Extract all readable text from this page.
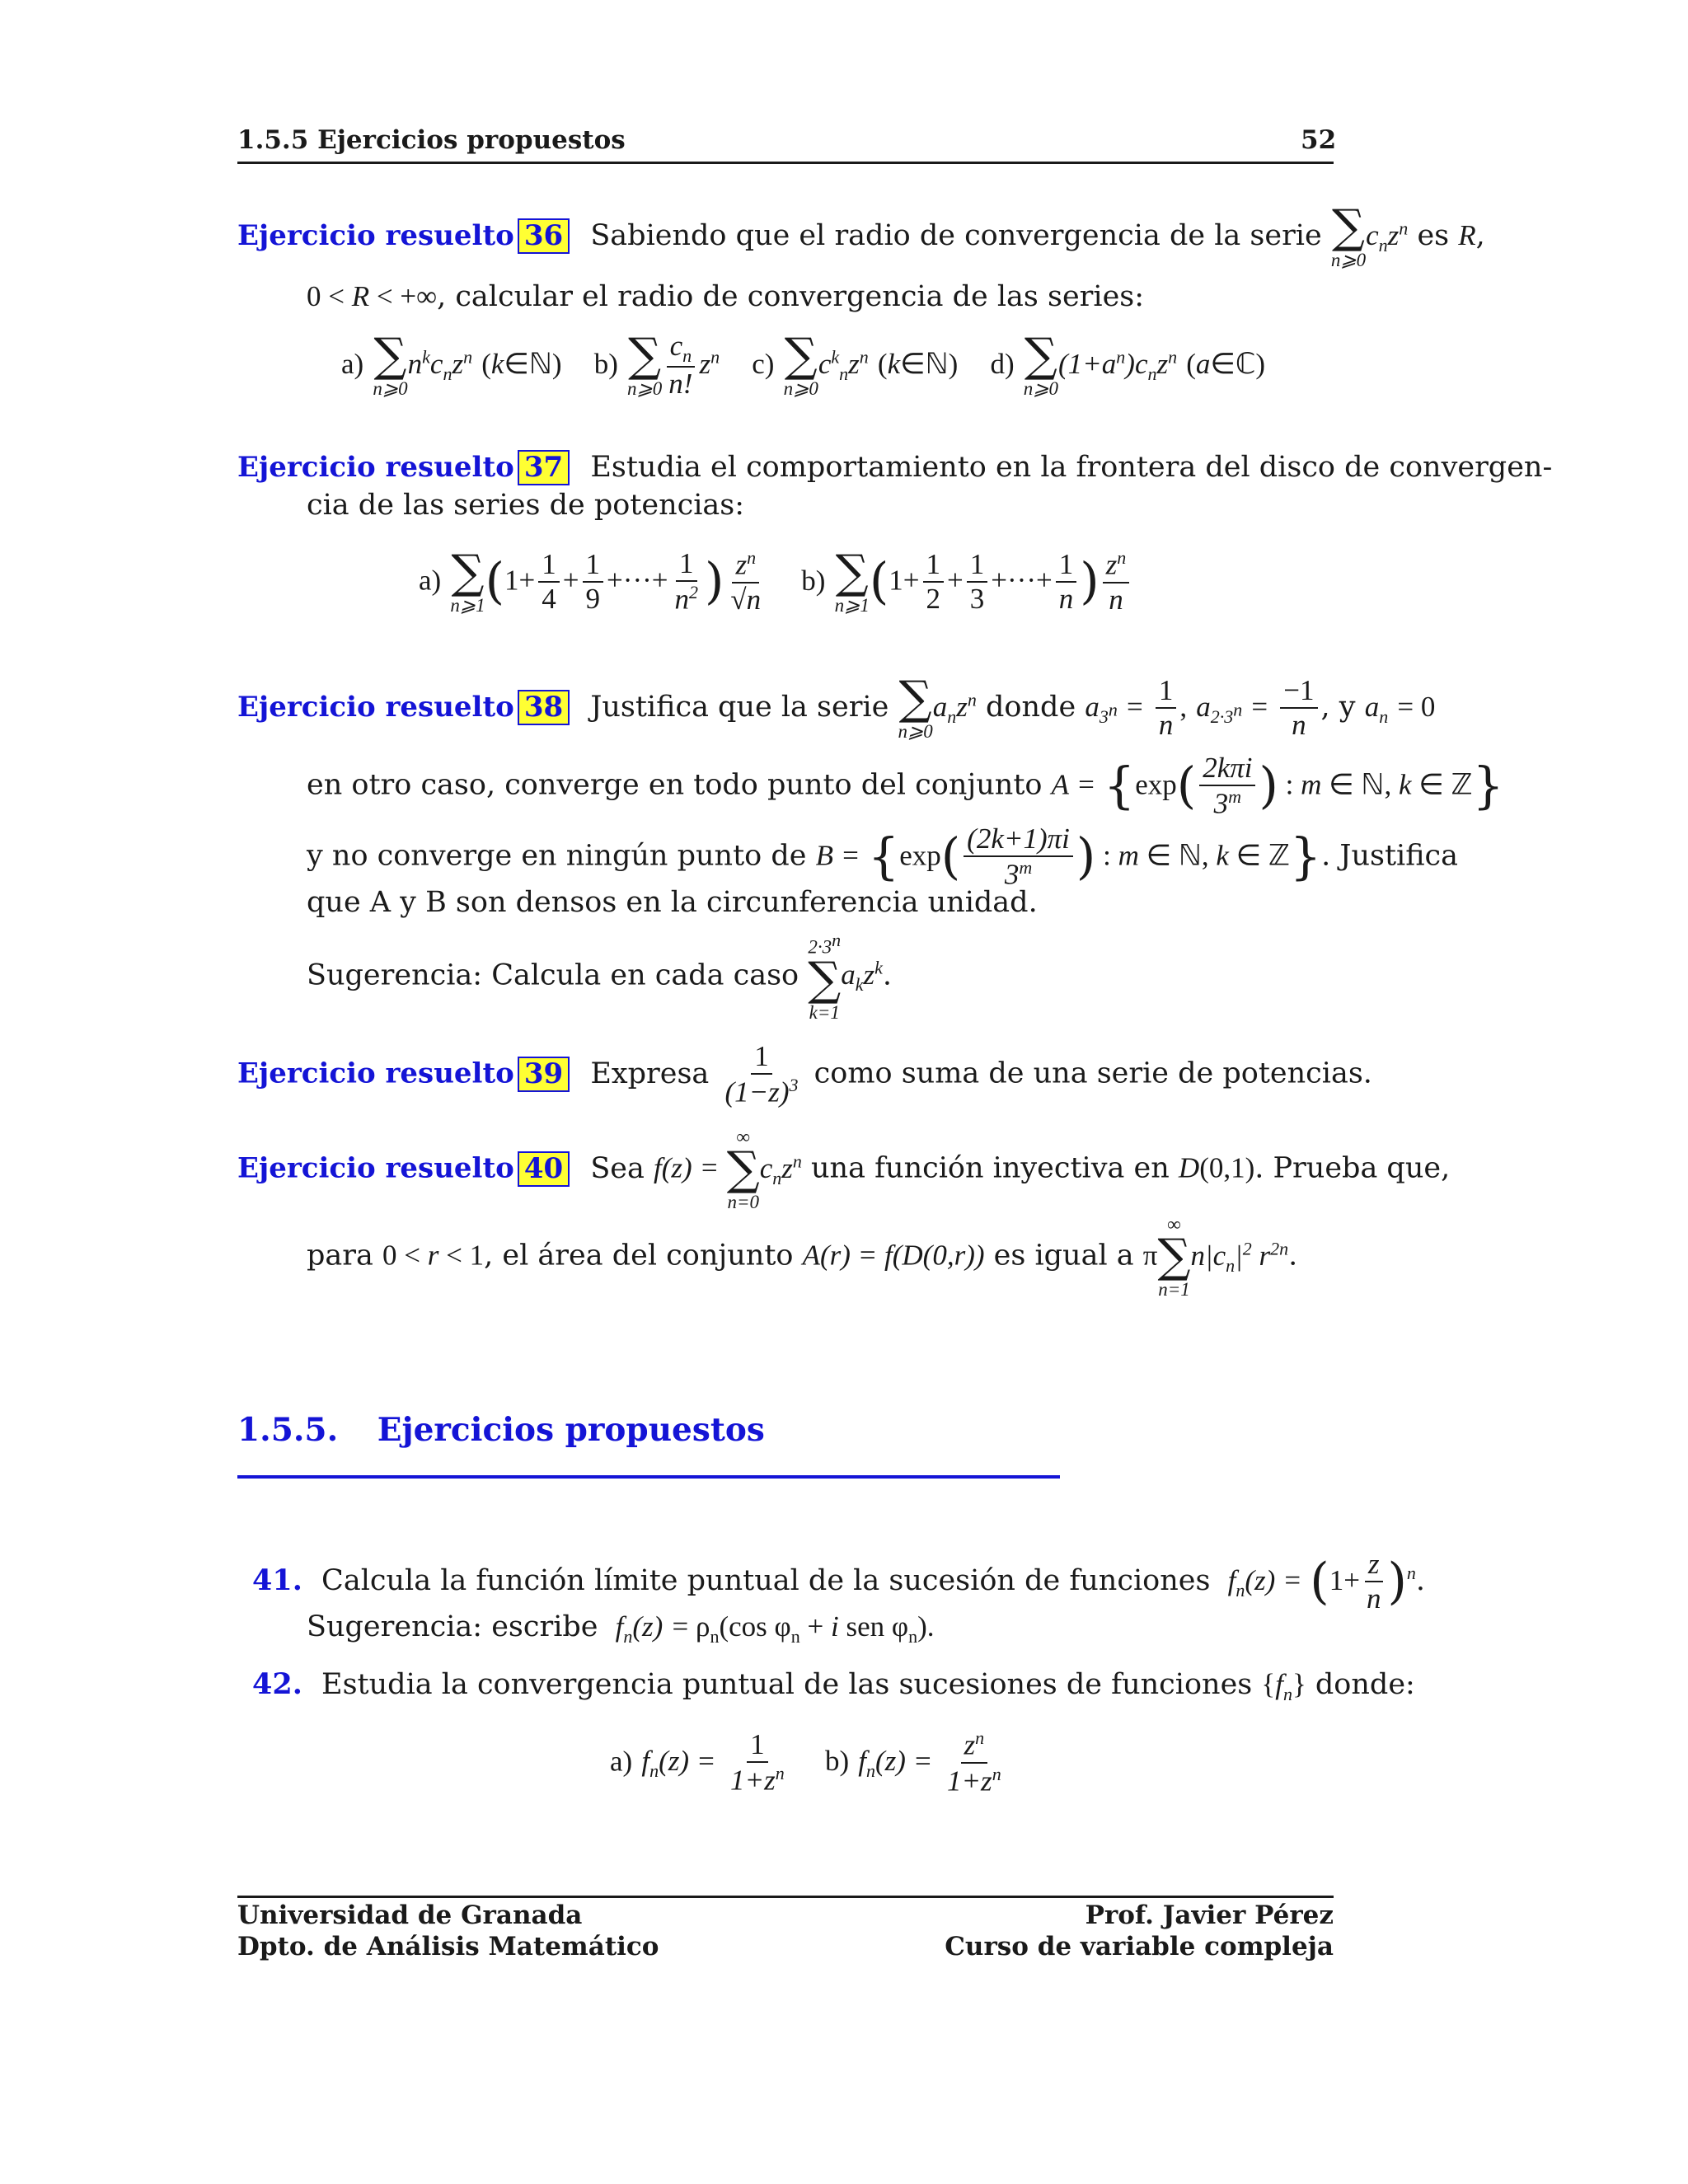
1.5.5 Ejercicios propuestos	52
Ejercicio resuelto 36 Sabiendo que el radio de convergencia de la serie ∑
n⩾0
$c_nz^n$ es R,
0 < R < +∞, calcular el radio de convergencia de las series:
a) ∑
n⩾0
$n^kc_nz^n$ (k∈ℕ) b) ∑
n⩾0 $\frac{c_n}{n!} z^n$ c) ∑
n⩾0
$c^k_nz^n$ (k∈ℕ) d) ∑
n⩾0
$(1+a^n)c_nz^n$ (a∈ℂ)
Ejercicio resuelto 37 Estudia el comportamiento en la frontera del disco de convergen-
cia de las series de potencias:
a) ∑
n⩾1 ($1+ \frac{1}{4} + \frac{1}{9}$ +···+ $\frac{1}{n^2}$ ) $\frac{z^n}{√n} b$) ∑
n⩾1 ($1+ \frac{1}{2} + \frac{1}{3}$ +···+ $\frac{1}{n}$ ) $\frac{z^n}{n}$
Ejercicio resuelto 38 Justifica que la serie ∑
n⩾0
$a_nz^n$ donde $a_{3^n} = \frac{1}{n}$ , $a_{2\cdot 3^n} = \frac{-1}{n}$ , y $a_n = 0$
en otro caso, converge en todo punto del conjunto $A = \{\exp( \frac{\text{2kπi}}{3^m}$ ) : m ∈ ℕ, k ∈ ℤ}
y no converge en ningún punto de $B = \{\exp( \frac{(2k+1)\pi i}{3^m}$ ) : m ∈ ℕ, k ∈ ℤ}. Justifica
que A y B son densos en la circunferencia unidad.
Sugerencia: Calcula en cada caso
$2\cdot 3^n$
∑
k=1
$a_kz^k$.
Ejercicio resuelto 39 Expresa $\frac{1}{(1-z)^3}$ como suma de una serie de potencias.
Ejercicio resuelto 40 Sea f(z) =
∞
∑
n=0
$c_nz^n$ una función inyectiva en D(0,1). Prueba que,
para 0 < r < 1, el área del conjunto A(r) = f(D(0,r)) es igual a π
∞
∑
n=1
$n|c_n|^2$ $r^{2n}$.
1.5.5. Ejercicios propuestos
41. Calcula la función límite puntual de la sucesión de funciones $f_n(z) = (1+ \frac{z}{n} )^n$.
Sugerencia: escribe $f_n(z) = \rho_n(\cos$ $\varphi_n + i$ sen $\varphi_n$).
42. Estudia la convergencia puntual de las sucesiones de funciones $\{f_n\}$ donde:
a) $f_n(z) = \frac{1}{1+z^n} b$) $f_n(z) = \frac{z^n}{1+z^n}$
Universidad de Granada
Dpto. de Análisis Matemático
Prof. Javier Pérez
Curso de variable compleja
